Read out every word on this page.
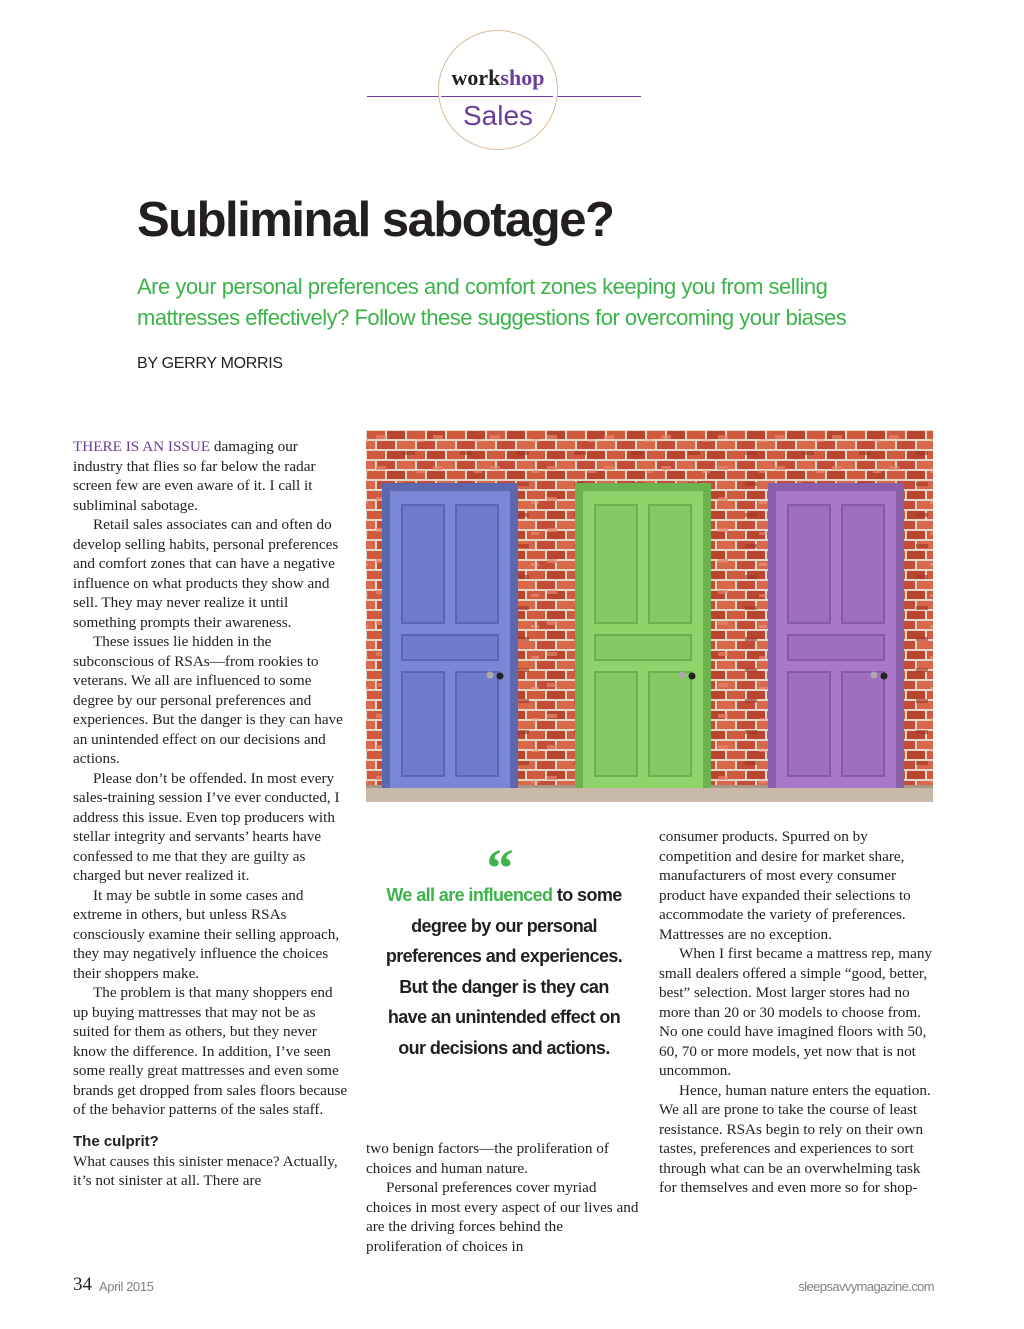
workshop
Sales
Subliminal sabotage?
Are your personal preferences and comfort zones keeping you from selling
mattresses effectively? Follow these suggestions for overcoming your biases
BY GERRY MORRIS

THERE IS AN ISSUE damaging our industry that flies so far below the radar screen few are even aware of it. I call it subliminal sabotage.

Retail sales associates can and often do develop selling habits, personal preferences and comfort zones that can have a negative influence on what products they show and sell. They may never realize it until something prompts their awareness.

These issues lie hidden in the subconscious of RSAs—from rookies to veterans. We all are influenced to some degree by our personal preferences and experiences. But the danger is they can have an unintended effect on our decisions and actions.

Please don’t be offended. In most every sales-training session I’ve ever conducted, I address this issue. Even top producers with stellar integrity and servants’ hearts have confessed to me that they are guilty as charged but never realized it.

It may be subtle in some cases and extreme in others, but unless RSAs consciously examine their selling approach, they may negatively influence the choices their shoppers make.

The problem is that many shoppers end up buying mattresses that may not be as suited for them as others, but they never know the difference. In addition, I’ve seen some really great mattresses and even some brands get dropped from sales floors because of the behavior patterns of the sales staff.

The culprit?

What causes this sinister menace? Actually, it’s not sinister at all. There are

“
We all are influenced to some degree by our personal preferences and experiences. But the danger is they can have an unintended effect on our decisions and actions.

two benign factors—the proliferation of choices and human nature.

Personal preferences cover myriad choices in most every aspect of our lives and are the driving forces behind the proliferation of choices in

consumer products. Spurred on by competition and desire for market share, manufacturers of most every consumer product have expanded their selections to accommodate the variety of preferences. Mattresses are no exception.

When I first became a mattress rep, many small dealers offered a simple “good, better, best” selection. Most larger stores had no more than 20 or 30 models to choose from. No one could have imagined floors with 50, 60, 70 or more models, yet now that is not uncommon.

Hence, human nature enters the equation. We all are prone to take the course of least resistance. RSAs begin to rely on their own tastes, preferences and experiences to sort through what can be an overwhelming task for themselves and even more so for shop-

34 April 2015	sleepsavvymagazine.com
